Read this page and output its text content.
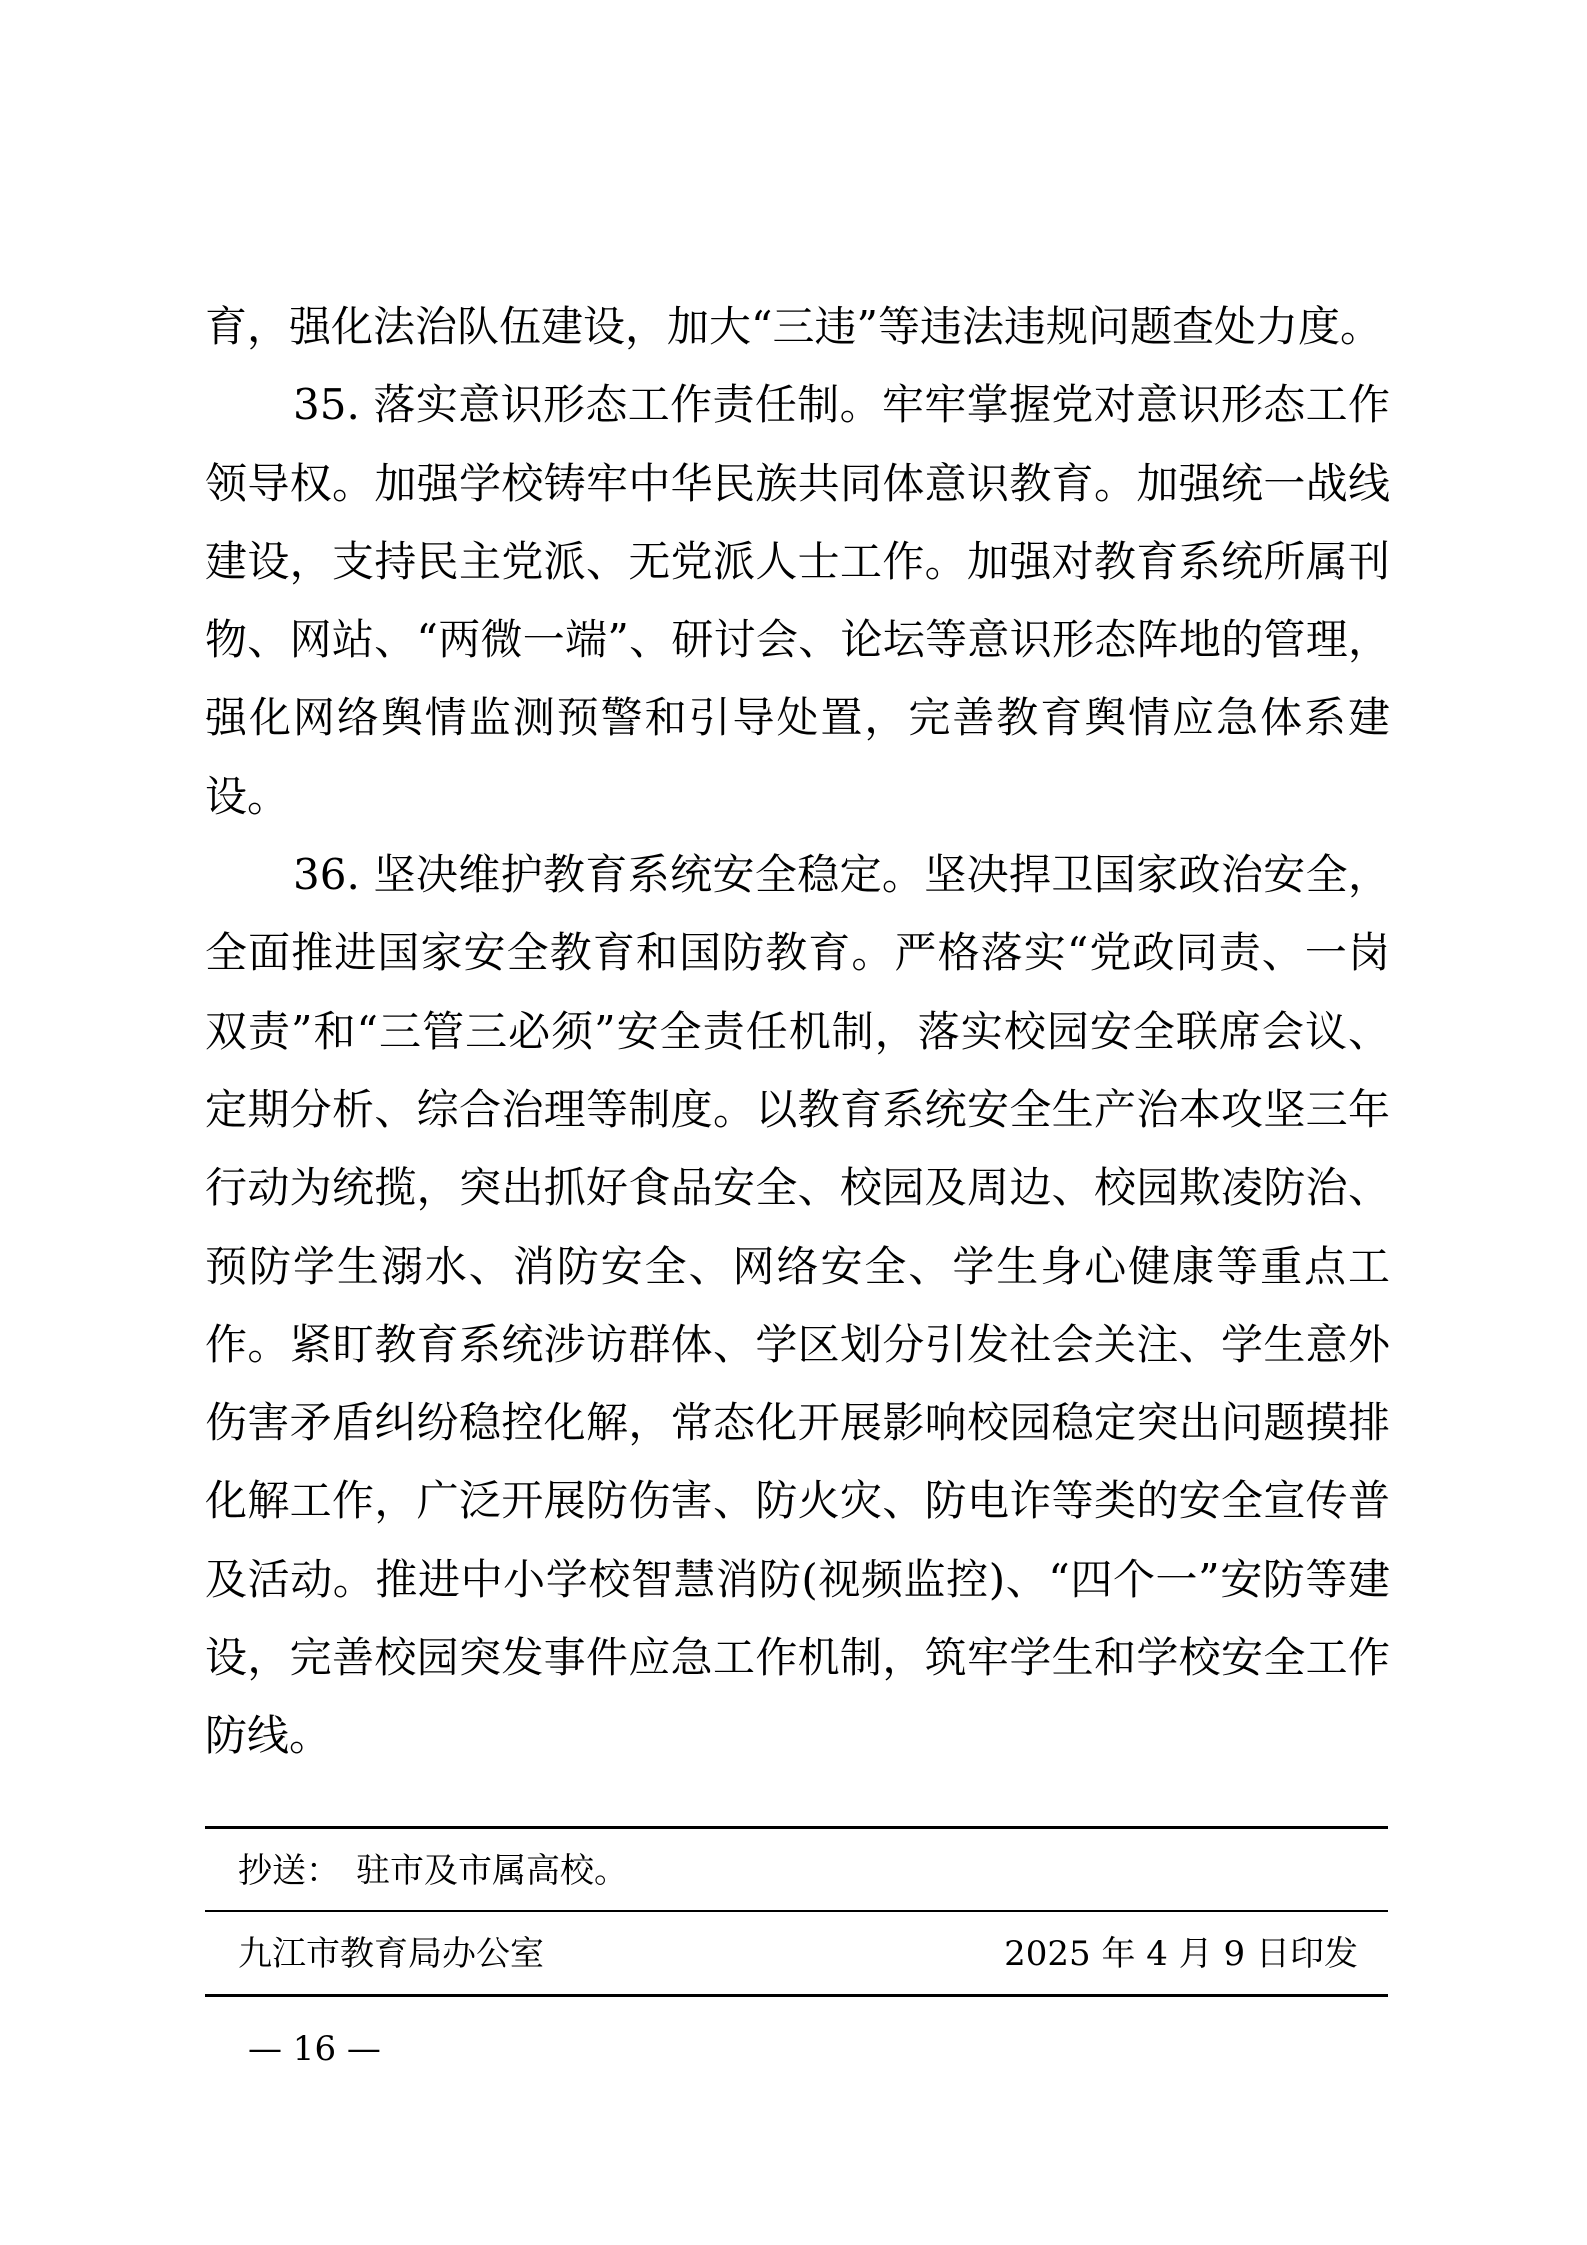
育，强化法治队伍建设，加大“三违”等违法违规问题查处力度。

35. 落实意识形态工作责任制。牢牢掌握党对意识形态工作领导权。加强学校铸牢中华民族共同体意识教育。加强统一战线建设，支持民主党派、无党派人士工作。加强对教育系统所属刊物、网站、“两微一端”、研讨会、论坛等意识形态阵地的管理，强化网络舆情监测预警和引导处置，完善教育舆情应急体系建设。

36. 坚决维护教育系统安全稳定。坚决捍卫国家政治安全，全面推进国家安全教育和国防教育。严格落实“党政同责、一岗双责”和“三管三必须”安全责任机制，落实校园安全联席会议、定期分析、综合治理等制度。以教育系统安全生产治本攻坚三年行动为统揽，突出抓好食品安全、校园及周边、校园欺凌防治、预防学生溺水、消防安全、网络安全、学生身心健康等重点工作。紧盯教育系统涉访群体、学区划分引发社会关注、学生意外伤害矛盾纠纷稳控化解，常态化开展影响校园稳定突出问题摸排化解工作，广泛开展防伤害、防火灾、防电诈等类的安全宣传普及活动。推进中小学校智慧消防(视频监控)、“四个一”安防等建设，完善校园突发事件应急工作机制，筑牢学生和学校安全工作防线。

抄送： 驻市及市属高校。
九江市教育局办公室	2025 年 4 月 9 日印发
— 16 —
